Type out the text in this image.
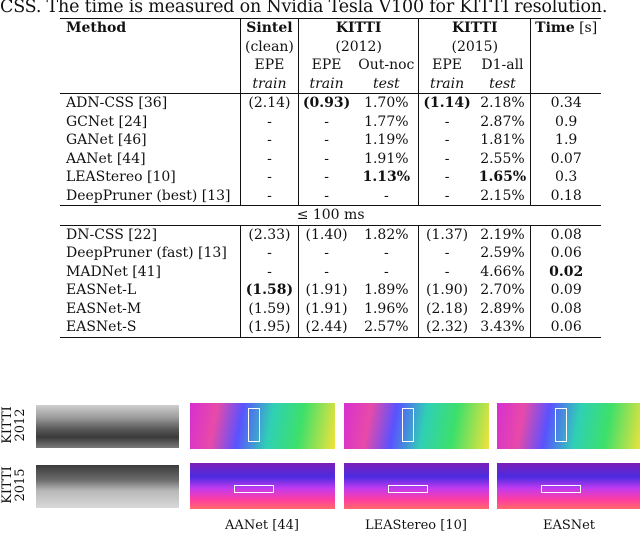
CSS. The time is measured on Nvidia Tesla V100 for KITTI resolution.
Method	Sintel	KITTI		KITTI		Time [s]
	(clean)	(2012)		(2015)		
	EPE	EPE	Out-noc	EPE	D1-all	
	train	train	test	train	test	
ADN-CSS [36]	(2.14)	(0.93)	1.70%	(1.14)	2.18%	0.34
GCNet [24]	-	-	1.77%	-	2.87%	0.9
GANet [46]	-	-	1.19%	-	1.81%	1.9
AANet [44]	-	-	1.91%	-	2.55%	0.07
LEAStereo [10]	-	-	1.13%	-	1.65%	0.3
DeepPruner (best) [13]	-	-	-	-	2.15%	0.18
≤ 100 ms						
DN-CSS [22]	(2.33)	(1.40)	1.82%	(1.37)	2.19%	0.08
DeepPruner (fast) [13]	-	-	-	-	2.59%	0.06
MADNet [41]	-	-	-	-	4.66%	0.02
EASNet-L	(1.58)	(1.91)	1.89%	(1.90)	2.70%	0.09
EASNet-M	(1.59)	(1.91)	1.96%	(2.18)	2.89%	0.08
EASNet-S	(1.95)	(2.44)	2.57%	(2.32)	3.43%	0.06
KITTI
2012
KITTI
2015
AANet [44]	LEAStereo [10]	EASNet
